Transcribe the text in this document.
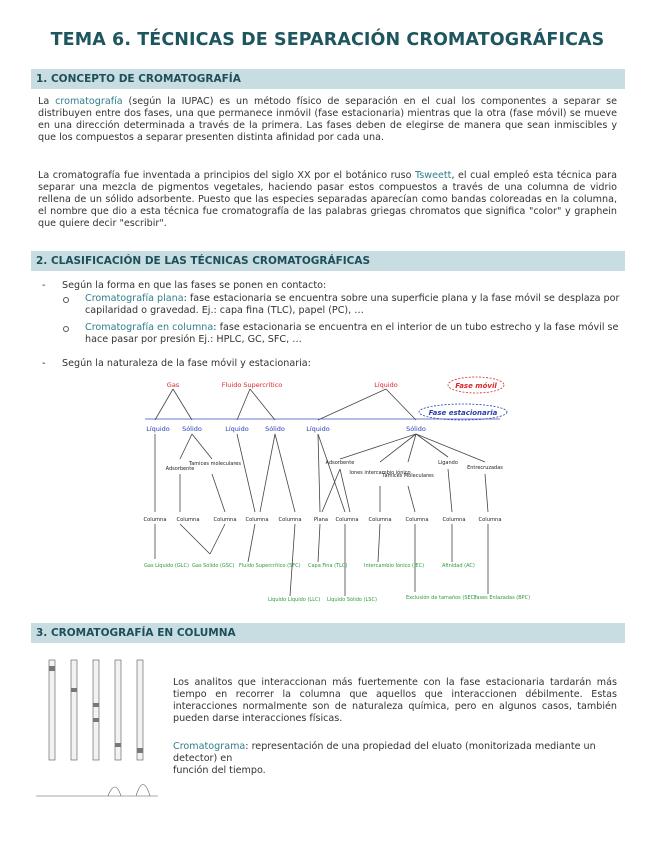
TEMA 6. TÉCNICAS DE SEPARACIÓN CROMATOGRÁFICAS
1. CONCEPTO DE CROMATOGRAFÍA
La cromatografía (según la IUPAC) es un método físico de separación en el cual los componentes a separar se distribuyen entre dos fases, una que permanece inmóvil (fase estacionaria) mientras que la otra (fase móvil) se mueve en una dirección determinada a través de la primera. Las fases deben de elegirse de manera que sean inmiscibles y que los compuestos a separar presenten distinta afinidad por cada una.
La cromatografía fue inventada a principios del siglo XX por el botánico ruso Tsweett, el cual empleó esta técnica para separar una mezcla de pigmentos vegetales, haciendo pasar estos compuestos a través de una columna de vidrio rellena de un sólido adsorbente. Puesto que las especies separadas aparecían como bandas coloreadas en la columna, el nombre que dio a esta técnica fue cromatografía de las palabras griegas chromatos que significa "color" y graphein que quiere decir "escribir".
2. CLASIFICACIÓN DE LAS TÉCNICAS CROMATOGRÁFICAS
- Según la forma en que las fases se ponen en contacto:
Cromatografía plana: fase estacionaria se encuentra sobre una superficie plana y la fase móvil se desplaza por capilaridad o gravedad. Ej.: capa fina (TLC), papel (PC), …
Cromatografía en columna: fase estacionaria se encuentra en el interior de un tubo estrecho y la fase móvil se hace pasar por presión Ej.: HPLC, GC, SFC, …
- Según la naturaleza de la fase móvil y estacionaria:
Gas	Fluido Supercrítico	Líquido	Fase móvil
Fase estacionaria
Líquido Sólido	Líquido	Sólido	Líquido	Sólido
Adsorbente
Tamices moleculares	Adsorbente
Iones intercambio iónico
Tamices Moleculares
Ligando
Entrecruzadas
Columna Columna	Columna Columna Columna Plana Columna Columna	Columna	Columna Columna
Gas Líquido (GLC) Gas Sólido (GSC) Fluido Supercrítico (SFC)
Líquido Líquido (LLC)
Capa Fina (TLC)
Líquido Sólido (LSC)
Intercambio Iónico (IEC)
Exclusión de tamaños (SEC)
Afinidad (AC)
Fases Enlazadas (BPC)
3. CROMATOGRAFÍA EN COLUMNA
Los analitos que interaccionan más fuertemente con la fase estacionaria tardarán más tiempo en recorrer la columna que aquellos que interaccionen débilmente. Estas interacciones normalmente son de naturaleza química, pero en algunos casos, también pueden darse interacciones físicas.
Cromatograma: representación de una propiedad del eluato (monitorizada mediante un detector) en
función del tiempo.
